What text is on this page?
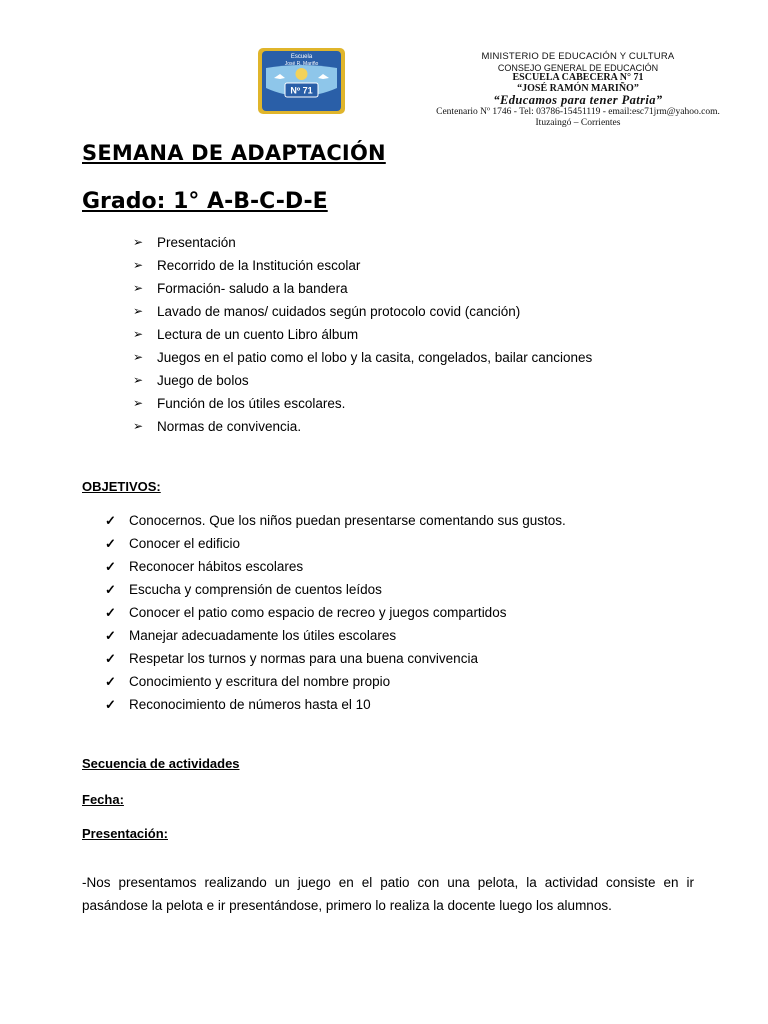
Escuela
José R. Mariño
Nº 71
MINISTERIO DE EDUCACIÓN Y CULTURA
CONSEJO GENERAL DE EDUCACIÓN
ESCUELA CABECERA N° 71
“JOSÉ RAMÓN MARIÑO”
“Educamos para tener Patria”
Centenario Nº 1746 - Tel: 03786-15451119 - email:esc71jrm@yahoo.com.
Ituzaingó – Corrientes
SEMANA DE ADAPTACIÓN
Grado: 1° A-B-C-D-E
➢ Presentación
➢ Recorrido de la Institución escolar
➢ Formación- saludo a la bandera
➢ Lavado de manos/ cuidados según protocolo covid (canción)
➢ Lectura de un cuento Libro álbum
➢ Juegos en el patio como el lobo y la casita, congelados, bailar canciones
➢ Juego de bolos
➢ Función de los útiles escolares.
➢ Normas de convivencia.
OBJETIVOS:
✓ Conocernos. Que los niños puedan presentarse comentando sus gustos.
✓ Conocer el edificio
✓ Reconocer hábitos escolares
✓ Escucha y comprensión de cuentos leídos
✓ Conocer el patio como espacio de recreo y juegos compartidos
✓ Manejar adecuadamente los útiles escolares
✓ Respetar los turnos y normas para una buena convivencia
✓ Conocimiento y escritura del nombre propio
✓ Reconocimiento de números hasta el 10
Secuencia de actividades
Fecha:
Presentación:

-Nos presentamos realizando un juego en el patio con una pelota, la actividad consiste en ir pasándose la pelota e ir presentándose, primero lo realiza la docente luego los alumnos.
